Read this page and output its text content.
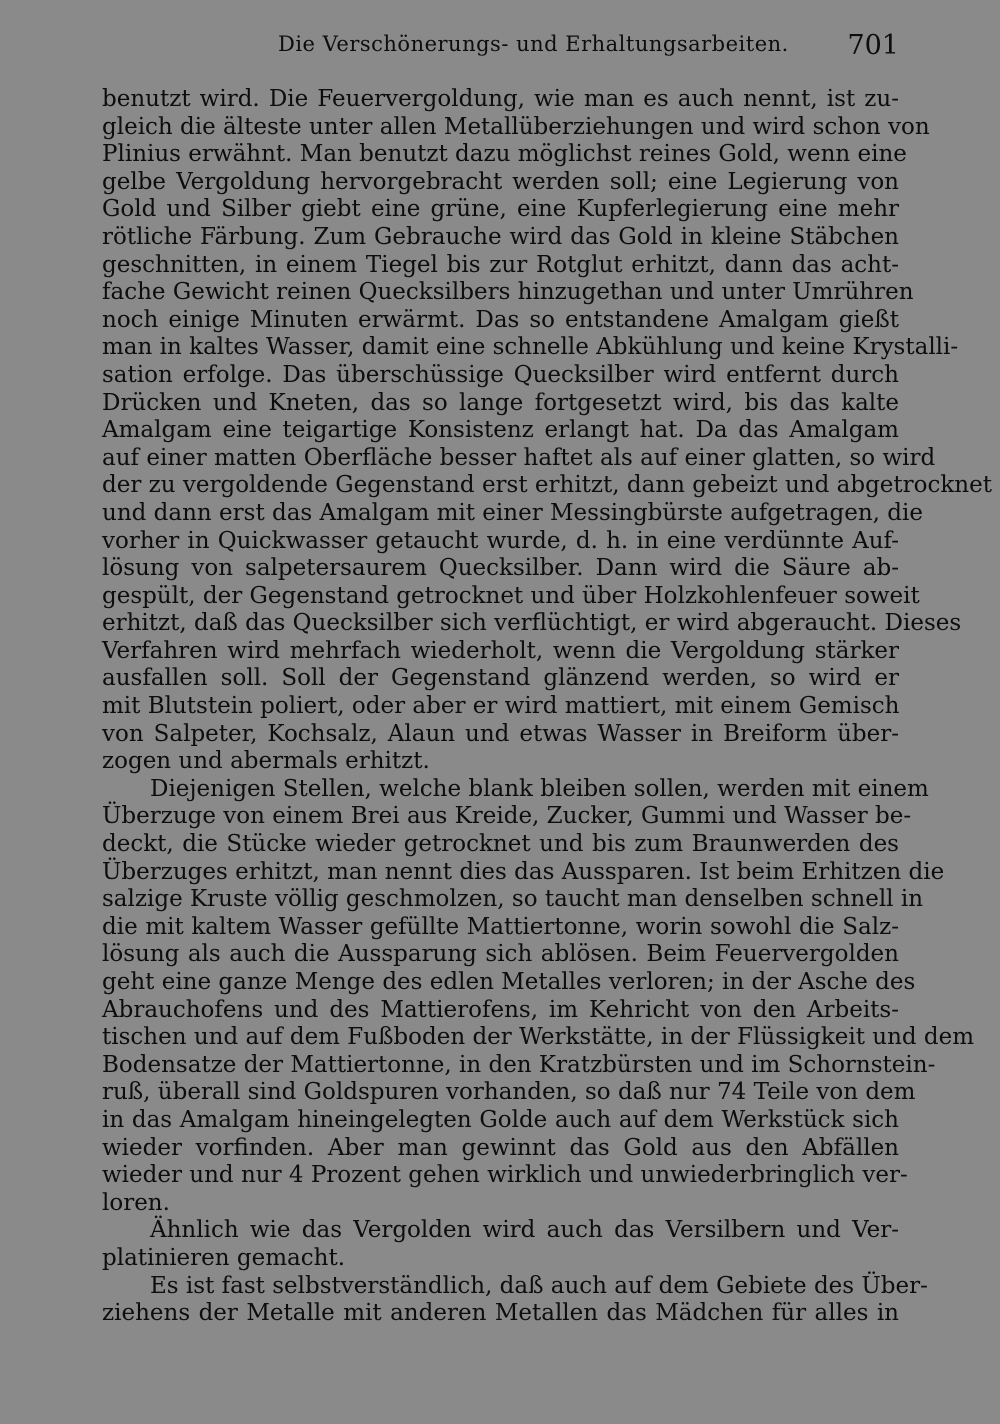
Die Verschönerungs- und Erhaltungsarbeiten. 701
benutzt wird. Die Feuervergoldung, wie man es auch nennt, ist zu-
gleich die älteste unter allen Metallüberziehungen und wird schon von
Plinius erwähnt. Man benutzt dazu möglichst reines Gold, wenn eine
gelbe Vergoldung hervorgebracht werden soll; eine Legierung von
Gold und Silber giebt eine grüne, eine Kupferlegierung eine mehr
rötliche Färbung. Zum Gebrauche wird das Gold in kleine Stäbchen
geschnitten, in einem Tiegel bis zur Rotglut erhitzt, dann das acht-
fache Gewicht reinen Quecksilbers hinzugethan und unter Umrühren
noch einige Minuten erwärmt. Das so entstandene Amalgam gießt
man in kaltes Wasser, damit eine schnelle Abkühlung und keine Krystalli-
sation erfolge. Das überschüssige Quecksilber wird entfernt durch
Drücken und Kneten, das so lange fortgesetzt wird, bis das kalte
Amalgam eine teigartige Konsistenz erlangt hat. Da das Amalgam
auf einer matten Oberfläche besser haftet als auf einer glatten, so wird
der zu vergoldende Gegenstand erst erhitzt, dann gebeizt und abgetrocknet
und dann erst das Amalgam mit einer Messingbürste aufgetragen, die
vorher in Quickwasser getaucht wurde, d. h. in eine verdünnte Auf-
lösung von salpetersaurem Quecksilber. Dann wird die Säure ab-
gespült, der Gegenstand getrocknet und über Holzkohlenfeuer soweit
erhitzt, daß das Quecksilber sich verflüchtigt, er wird abgeraucht. Dieses
Verfahren wird mehrfach wiederholt, wenn die Vergoldung stärker
ausfallen soll. Soll der Gegenstand glänzend werden, so wird er
mit Blutstein poliert, oder aber er wird mattiert, mit einem Gemisch
von Salpeter, Kochsalz, Alaun und etwas Wasser in Breiform über-
zogen und abermals erhitzt.
Diejenigen Stellen, welche blank bleiben sollen, werden mit einem
Überzuge von einem Brei aus Kreide, Zucker, Gummi und Wasser be-
deckt, die Stücke wieder getrocknet und bis zum Braunwerden des
Überzuges erhitzt, man nennt dies das Aussparen. Ist beim Erhitzen die
salzige Kruste völlig geschmolzen, so taucht man denselben schnell in
die mit kaltem Wasser gefüllte Mattiertonne, worin sowohl die Salz-
lösung als auch die Aussparung sich ablösen. Beim Feuervergolden
geht eine ganze Menge des edlen Metalles verloren; in der Asche des
Abrauchofens und des Mattierofens, im Kehricht von den Arbeits-
tischen und auf dem Fußboden der Werkstätte, in der Flüssigkeit und dem
Bodensatze der Mattiertonne, in den Kratzbürsten und im Schornstein-
ruß, überall sind Goldspuren vorhanden, so daß nur 74 Teile von dem
in das Amalgam hineingelegten Golde auch auf dem Werkstück sich
wieder vorfinden. Aber man gewinnt das Gold aus den Abfällen
wieder und nur 4 Prozent gehen wirklich und unwiederbringlich ver-
loren.
Ähnlich wie das Vergolden wird auch das Versilbern und Ver-
platinieren gemacht.
Es ist fast selbstverständlich, daß auch auf dem Gebiete des Über-
ziehens der Metalle mit anderen Metallen das Mädchen für alles in
